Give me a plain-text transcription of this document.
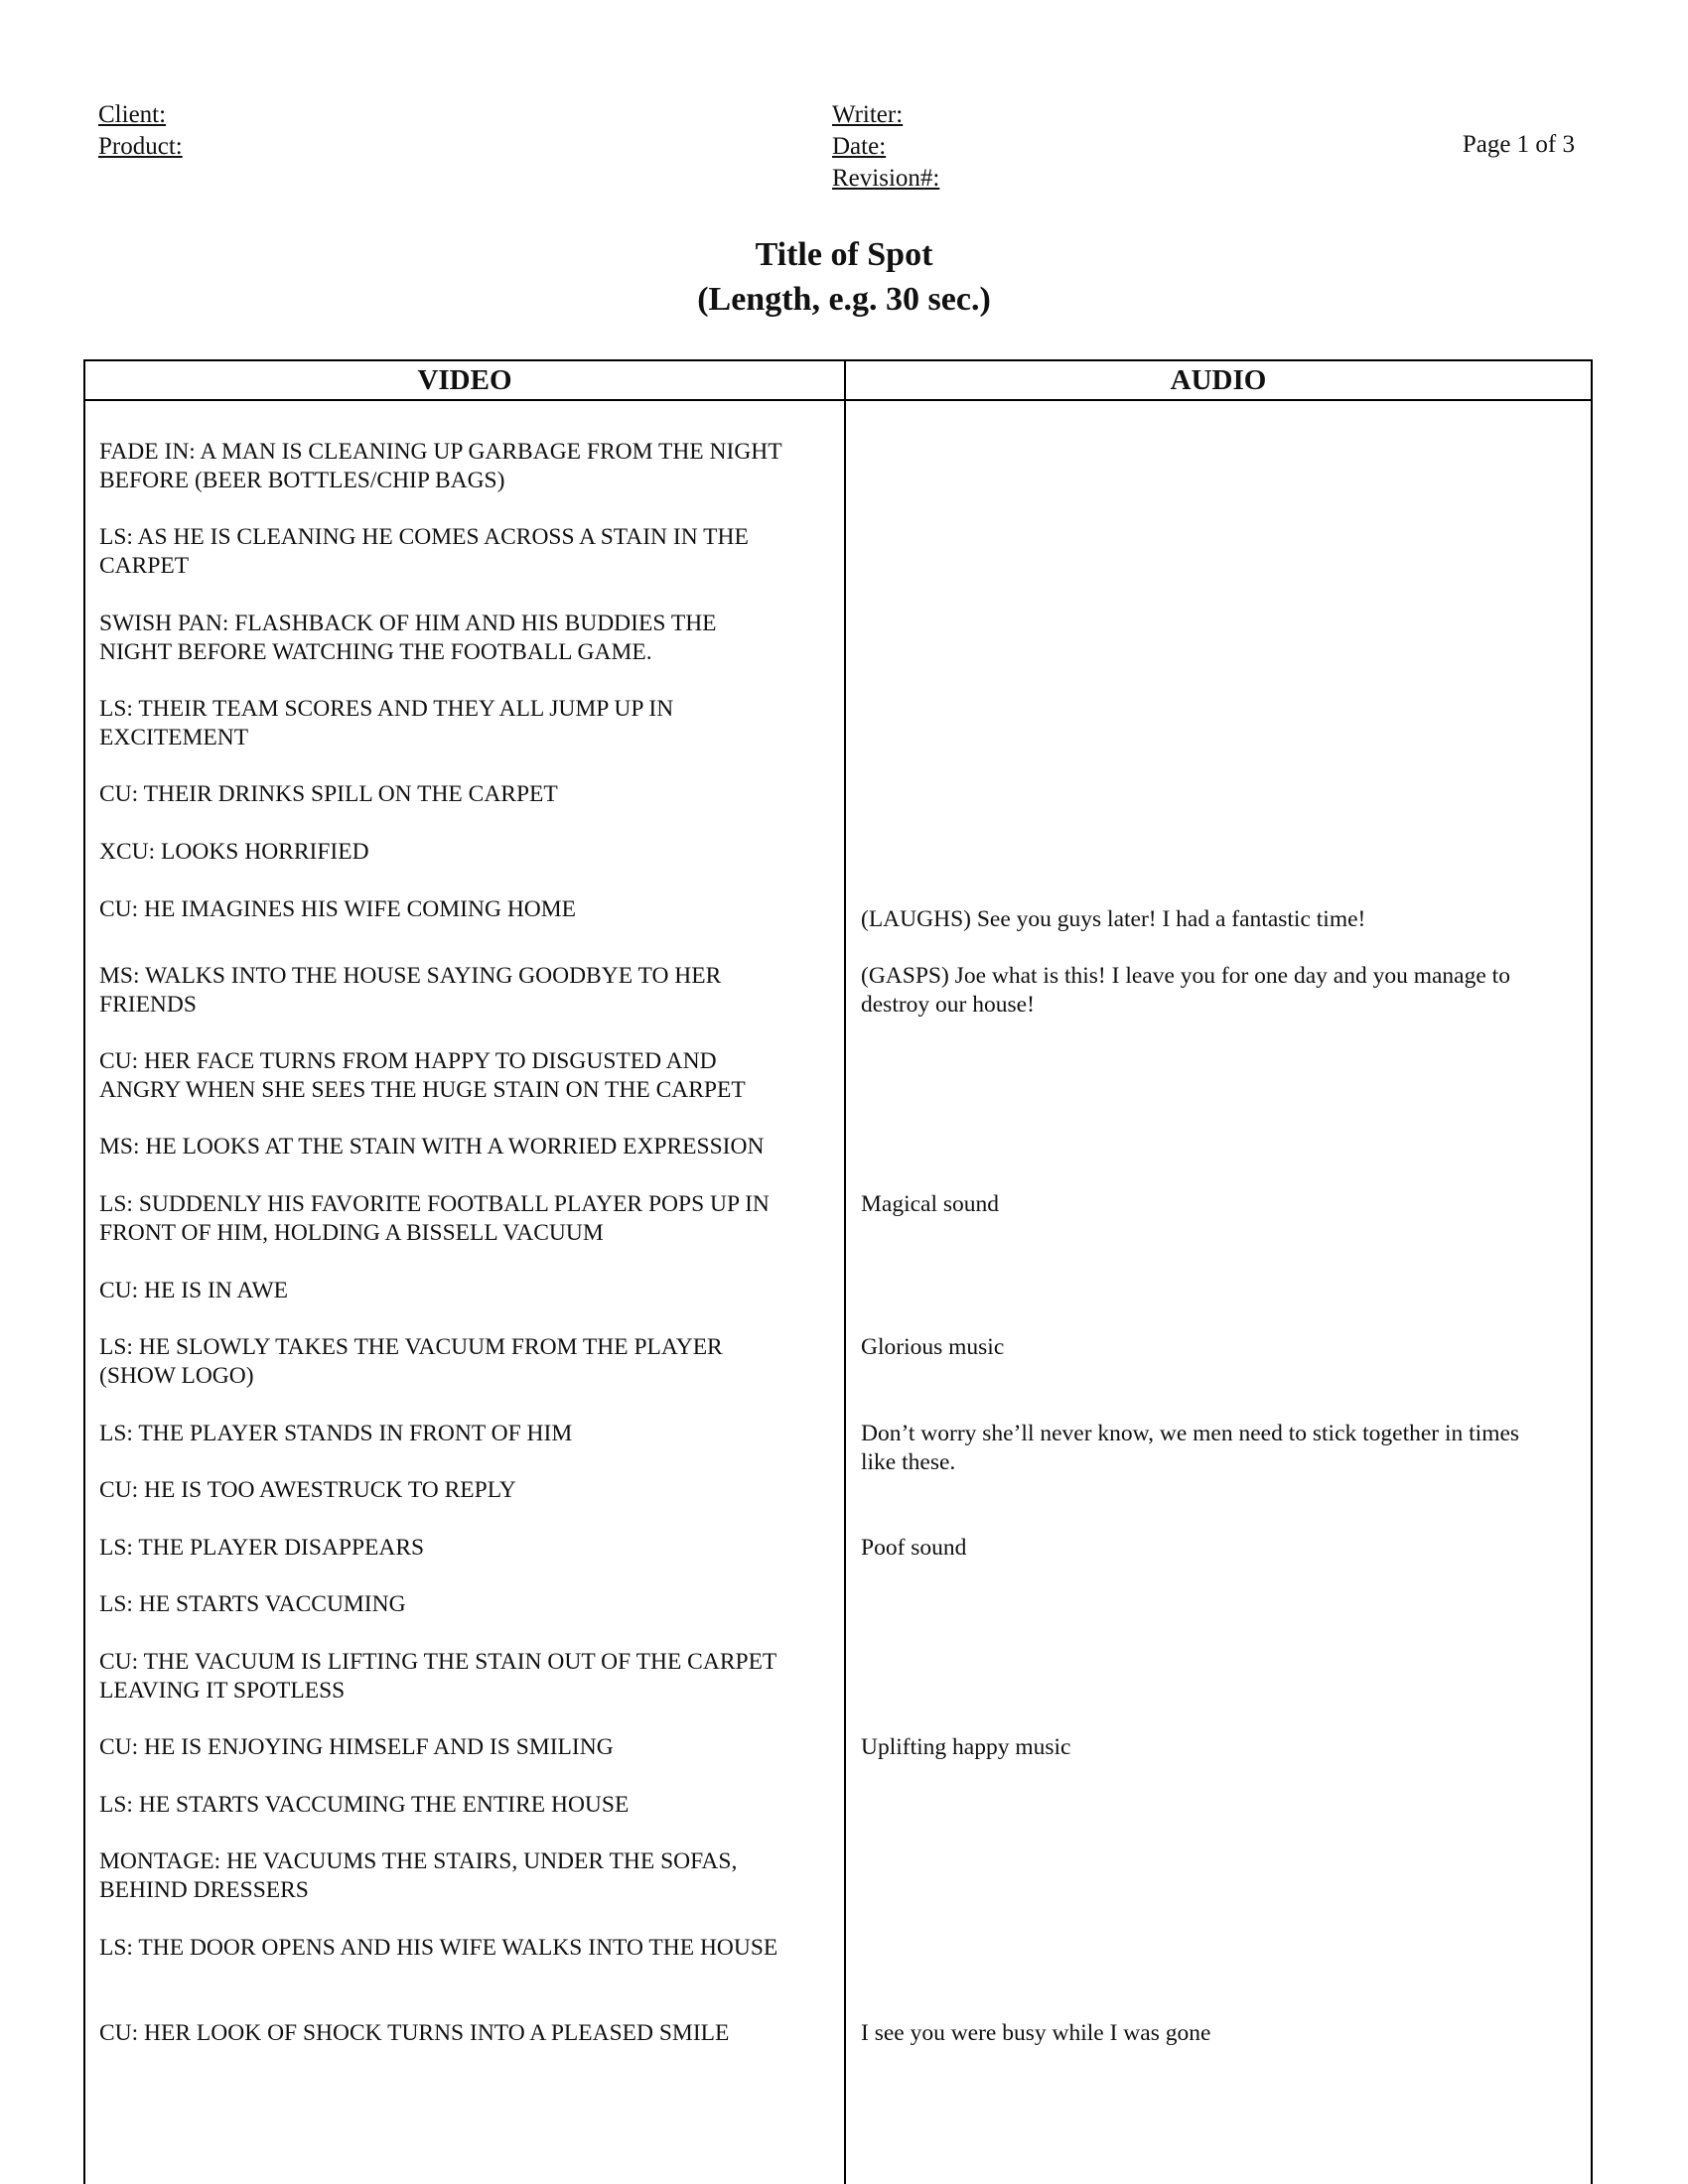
Client:
Product:
Writer:
Date:
Revision#:
Page 1 of 3
Title of Spot
(Length, e.g. 30 sec.)
VIDEO	AUDIO
FADE IN: A MAN IS CLEANING UP GARBAGE FROM THE NIGHT
BEFORE (BEER BOTTLES/CHIP BAGS)
LS: AS HE IS CLEANING HE COMES ACROSS A STAIN IN THE
CARPET
SWISH PAN: FLASHBACK OF HIM AND HIS BUDDIES THE
NIGHT BEFORE WATCHING THE FOOTBALL GAME.
LS: THEIR TEAM SCORES AND THEY ALL JUMP UP IN
EXCITEMENT
CU: THEIR DRINKS SPILL ON THE CARPET
XCU: LOOKS HORRIFIED
CU: HE IMAGINES HIS WIFE COMING HOME
MS: WALKS INTO THE HOUSE SAYING GOODBYE TO HER
FRIENDS
CU: HER FACE TURNS FROM HAPPY TO DISGUSTED AND
ANGRY WHEN SHE SEES THE HUGE STAIN ON THE CARPET
MS: HE LOOKS AT THE STAIN WITH A WORRIED EXPRESSION
LS: SUDDENLY HIS FAVORITE FOOTBALL PLAYER POPS UP IN
FRONT OF HIM, HOLDING A BISSELL VACUUM
CU: HE IS IN AWE
LS: HE SLOWLY TAKES THE VACUUM FROM THE PLAYER
(SHOW LOGO)
LS: THE PLAYER STANDS IN FRONT OF HIM
CU: HE IS TOO AWESTRUCK TO REPLY
LS: THE PLAYER DISAPPEARS
LS: HE STARTS VACCUMING
CU: THE VACUUM IS LIFTING THE STAIN OUT OF THE CARPET
LEAVING IT SPOTLESS
CU: HE IS ENJOYING HIMSELF AND IS SMILING
LS: HE STARTS VACCUMING THE ENTIRE HOUSE
MONTAGE: HE VACUUMS THE STAIRS, UNDER THE SOFAS,
BEHIND DRESSERS
LS: THE DOOR OPENS AND HIS WIFE WALKS INTO THE HOUSE
CU: HER LOOK OF SHOCK TURNS INTO A PLEASED SMILE
(LAUGHS) See you guys later! I had a fantastic time!
(GASPS) Joe what is this! I leave you for one day and you manage to
destroy our house!
Magical sound
Glorious music
Don’t worry she’ll never know, we men need to stick together in times
like these.
Poof sound
Uplifting happy music
I see you were busy while I was gone
